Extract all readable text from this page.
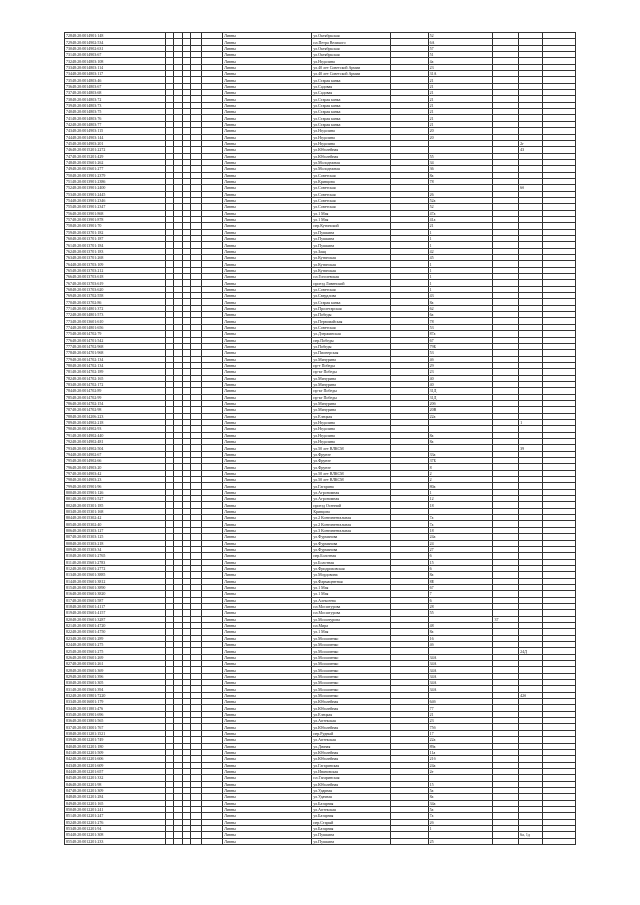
72848:20:0014901:148						Ливны	ул.Октябрьская		52			
72948:20:0014902:534						Ливны	пл.Петра Великого		6А			
73048:20:0014902:631						Ливны	ул.Октябрьская		57			
73148:20:0014903:67						Ливны	ул.Октябрьская		51			
73248:20:0014803:108						Ливны	ул.Недолина		4а			
73348:20:0014803:114						Ливны	ул.40 лет Советской Армии		23			
73448:20:0014803:117						Ливны	ул.40 лет Советской Армии		31А			
73548:20:0014803:46						Ливны	ул.Старая канка		21			
73648:20:0014803:67						Ливны	ул.Садовая		21			
73748:20:0014803:68						Ливны	ул.Садовая		21			
73848:20:0014803:72						Ливны	ул.Старая канка		21			
73948:20:0014803:73						Ливны	ул.Старая канка		21			
74048:20:0014803:75						Ливны	ул.Старая канка		21			
74148:20:0014803:76						Ливны	ул.Старая канка		21			
74248:20:0014803:77						Ливны	ул.Старая канка		21			
74348:20:0014903:115						Ливны	ул.Недолина		20			
74448:20:0014903:144						Ливны	ул.Недолина		20			
74548:20:0014903:201						Ливны	ул.Недолина				2г	
74648:20:0015201:2272						Ливны	ул.Юбилейная				43	
74748:20:0015201:429						Ливны	ул.Юбилейная		55			
74848:20:0015601:262						Ливны	ул.Молодежная		34			
74948:20:0015601:277						Ливны	ул.Молодежная		36			
75048:20:0013901:2379						Ливны	ул.Советская		8а			
75148:20:0013901:2386						Ливны	ул.Кривцова		78			
75248:20:0013901:2400						Ливны	ул.Советская				6б	
75348:20:0013901:2445						Ливны	ул.Советская		26			
75448:20:0013901:2346						Ливны	ул.Советская		52а			
75548:20:0013901:2347						Ливны	ул.Советская		52			
75648:20:0013901:868						Ливны	ул.1 Мая		47а			
75748:20:0013901:878						Ливны	ул.1 Мая		41а			
75848:20:0013901:70						Ливны	пер.Кутинский		21			
75948:20:0013701:182						Ливны	ул.Пушкина		1			
76048:20:0013701:187						Ливны	ул.Пушкина		1			
76148:20:0013701:184						Ливны	ул.Пушкина		1			
76248:20:0013701:183						Ливны	ул.Заяц		42			
76348:20:0013701:268						Ливны	ул.Кутинская		45			
76448:20:0013703:109						Ливны	ул.Кутинская		1			
76548:20:0013703:212						Ливны	ул.Кутинская		1			
76648:20:0013703:618						Ливны	пл.Гоголевская		1			
76748:20:0013703:619						Ливны	проезд Ливенский		1			
76848:20:0013703:620						Ливны	ул.Советская		1			
76948:20:0013702:558						Ливны	ул.Свердлова		43			
77048:20:0013702:86						Ливны	ул.Старая канка		8а			
77148:20:0014801:372						Ливны	ул.Пролетарская		62			
77248:20:0014801:573						Ливны	ул.Победы		6а			
77348:20:0013601:610						Ливны	ул.Первомайская		78			
77448:20:0014801:656						Ливны	ул.Советская		53			
77548:20:0014702:79						Ливны	ул.Дзержинская		87а			
77648:20:0014701:542						Ливны	пер.Победы		67			
77748:20:0014702:968						Ливны	ул.Победы		79Б			
77848:20:0014701:968						Ливны	ул.Пионерская		53			
77948:20:0014702:134						Ливны	ул.Мичурина		4б			
78048:20:0014702:134						Ливны	пр-т Победы		29			
78148:20:0014702:189						Ливны	пр-кт Победы		23			
78248:20:0014702:165						Ливны	ул.Мичурина		40			
78348:20:0014702:172						Ливны	ул.Мичурина		40			
78448:20:0014702:89						Ливны	пр-кт Победы		31Д			
78548:20:0014702:99						Ливны	пр-кт Победы		31Д			
78648:20:0014702:154						Ливны	ул.Мичурина		20б			
78748:20:0014702:98						Ливны	ул.Мичурина		20В			
78848:20:0014206:223						Ливны	ул.Елецкая		22а			
78948:20:0014902:218						Ливны	ул.Недолина				1	
79048:20:0014902:93						Ливны	ул.Недолина					
79148:20:0014902:440						Ливны	ул.Недолина		8а			
79248:20:0014902:481						Ливны	ул.Недолина		8а			
79348:20:0014902:504						Ливны	ул.50 лет ВЛКСМ				39	
79448:20:0014902:67						Ливны	ул.Фрунзе		33а			
79548:20:0014902:66						Ливны	ул.Фрунзе		37Б			
79648:20:0014903:20						Ливны	ул.Фрунзе		8			
79748:20:0014903:42						Ливны	ул.50 лет ВЛКСМ		2			
79848:20:0014903:23						Ливны	ул.50 лет ВЛКСМ		2			
79948:20:0015901:96						Ливны	ул.Гагарина		80а			
80048:20:0015901:126						Ливны	ул.Агрономная		1			
80148:20:0015901:527						Ливны	ул.Агрономная		12			
80248:20:0015301:185						Ливны	проезд Осенний		18			
80348:20:0015301:168						Ливны	Кривцова					
80448:20:0015302:42						Ливны	ул.2 Континентальная		7а			
80548:20:0015302:40						Ливны	ул.2 Континентальная		7а			
80648:20:0015303:127						Ливны	ул.3 Континентальная		18			
80748:20:0015303:125						Ливны	ул.Фурманова		24а			
80848:20:0015303:218						Ливны	ул.Фурманова		24			
80948:20:0015303:34						Ливны	ул.Фурманова		27			
81048:20:0015601:2765						Ливны	пер.Болотная		6			
81148:20:0015601:2783						Ливны	ул.Болотная		15			
81248:20:0015601:2772						Ливны	ул.Фридриховская		6			
81348:20:0015601:3885						Ливны	ул.Мордовина		8а			
81448:20:0015601:3812						Ливны	ул.Фармацевтная		8Е			
81548:20:0015601:3890						Ливны	ул.1 Мая		67			
81648:20:0015601:3820						Ливны	ул.1 Мая		7			
81748:20:0015601:587						Ливны	ул.Алексеева		6			
81848:20:0015601:4117						Ливны	пл.Мосштурова		28			
81948:20:0015601:4157						Ливны	пл.Мосштурова		55			
82048:20:0015601:3287						Ливны	ул.Мосштурова			37		
82148:20:0015601:4720						Ливны	пл.Мира		48			
82248:20:0015601:4750						Ливны	ул.1 Мая		8а			
82348:20:0015601:289						Ливны	ул.Мосшпенко		16			
82448:20:0015601:275						Ливны	ул.Мосшпенко		4б			
82548:20:0015601:275						Ливны	ул.Мосшпенко				24Д	
82648:20:0015601:269						Ливны	ул.Мосшпенко		34А			
82748:20:0015601:261						Ливны	ул.Мосшпенко		34А			
82848:20:0015601:369						Ливны	ул.Мосшпенко		34А			
82948:20:0015601:396						Ливны	ул.Мосшпенко		34А			
83048:20:0015601:305						Ливны	ул.Мосшпенко		34А			
83148:20:0015601:394						Ливны	ул.Мосшпенко		34А			
83248:20:0015801:7220						Ливны	ул.Мосшпенко				42б	
83348:20:0016001:179						Ливны	ул.Юбилейная		64б			
83448:20:0011801:476						Ливны	ул.Юбилейная		77			
83548:20:0013901:696						Ливны	ул.Елецкая		21			
83648:20:0013801:565						Ливны	ул.Аптекская		23			
83748:20:0013001:767						Ливны	ул.Юбилейная		75б			
83848:20:0011201:1521						Ливны	пер.Рудный		17			
83948:20:0012201:749						Ливны	ул.Аптекская		22а			
84048:20:0012201:180						Ливны	ул.Дачная		89а			
84148:20:0012201:509						Ливны	ул.Юбилейная		11а			
84248:20:0012201:606						Ливны	ул.Юбилейная		21б			
84348:20:0012201:609						Ливны	ул.Гагаринская		24а			
84448:20:0012201:657						Ливны	ул.Ивановская		2е			
84548:20:0012201:332						Ливны	пл.Гагаринская					
84648:20:0012201:98						Ливны	ул.Юбилейная		15			
84748:20:0012201:309						Ливны	ул.Ударная		5а			
84848:20:0012201:284						Ливны	ул.Удачная		8а			
84948:20:0012201:165						Ливны	ул.Базарная		34а			
85048:20:0012201:241						Ливны	ул.Аптекская		5а			
85148:20:0012201:247						Ливны	ул.Базарная		7а			
85248:20:0012201:276						Ливны	пер.Старый		2б			
85348:20:0012201:94						Ливны	ул.Базарная		1			
85448:20:0012201:308						Ливны	ул.Пушкина				6а, 1д	
85548:20:0012201:233						Ливны	ул.Пушкина		25			
